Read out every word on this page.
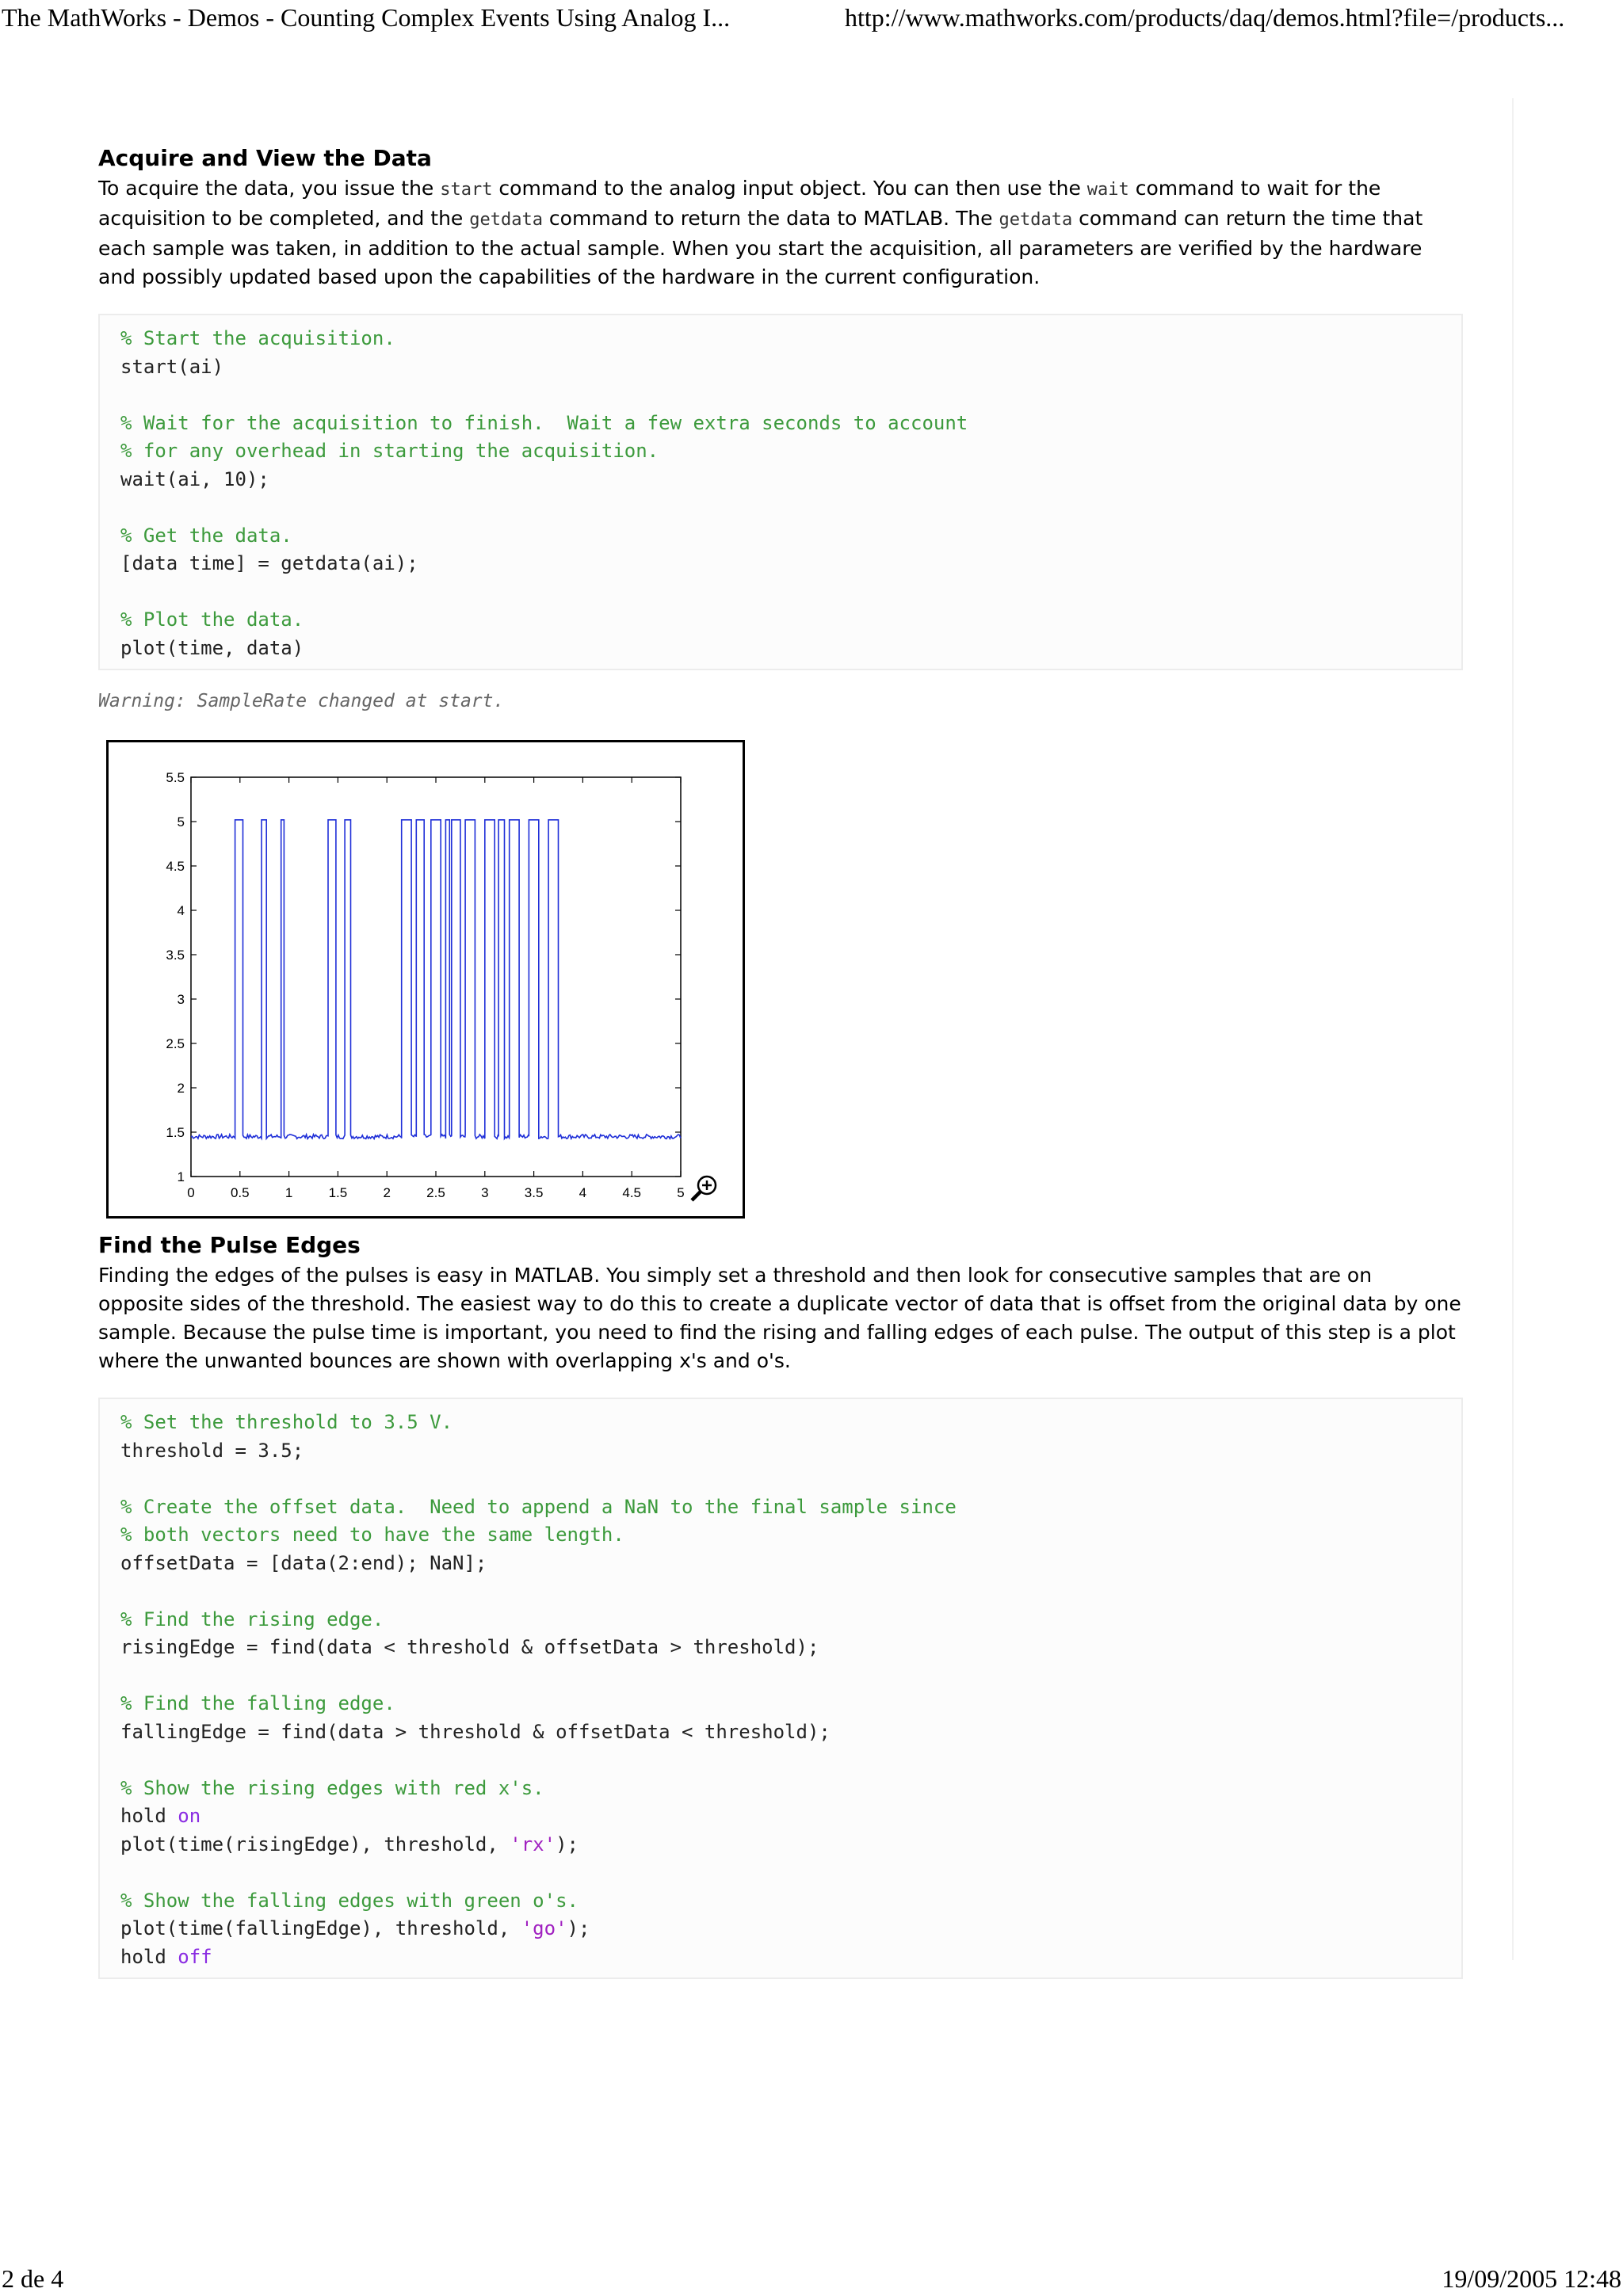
The MathWorks - Demos - Counting Complex Events Using Analog I...	http://www.mathworks.com/products/daq/demos.html?file=/products...
Acquire and View the Data

To acquire the data, you issue the start command to the analog input object. You can then use the wait command to wait for the acquisition to be completed, and the getdata command to return the data to MATLAB. The getdata command can return the time that each sample was taken, in addition to the actual sample. When you start the acquisition, all parameters are verified by the hardware and possibly updated based upon the capabilities of the hardware in the current configuration.

% Start the acquisition.
start(ai)
% Wait for the acquisition to finish.  Wait a few extra seconds to account
% for any overhead in starting the acquisition.
wait(ai, 10);
% Get the data.
[data time] = getdata(ai);
% Plot the data.
plot(time, data)
Warning: SampleRate changed at start.
0	0.5	1	1.5	2	2.5	3	3.5	4	4.5	5
1
1.5
2
2.5
3
3.5
4
4.5
5
5.5
Find the Pulse Edges

Finding the edges of the pulses is easy in MATLAB. You simply set a threshold and then look for consecutive samples that are on opposite sides of the threshold. The easiest way to do this to create a duplicate vector of data that is offset from the original data by one sample. Because the pulse time is important, you need to find the rising and falling edges of each pulse. The output of this step is a plot where the unwanted bounces are shown with overlapping x's and o's.

% Set the threshold to 3.5 V.
threshold = 3.5;
% Create the offset data.  Need to append a NaN to the final sample since
% both vectors need to have the same length.
offsetData = [data(2:end); NaN];
% Find the rising edge.
risingEdge = find(data < threshold & offsetData > threshold);
% Find the falling edge.
fallingEdge = find(data > threshold & offsetData < threshold);
% Show the rising edges with red x's.
hold on
plot(time(risingEdge), threshold, 'rx');
% Show the falling edges with green o's.
plot(time(fallingEdge), threshold, 'go');
hold off
2 de 4	19/09/2005 12:48
